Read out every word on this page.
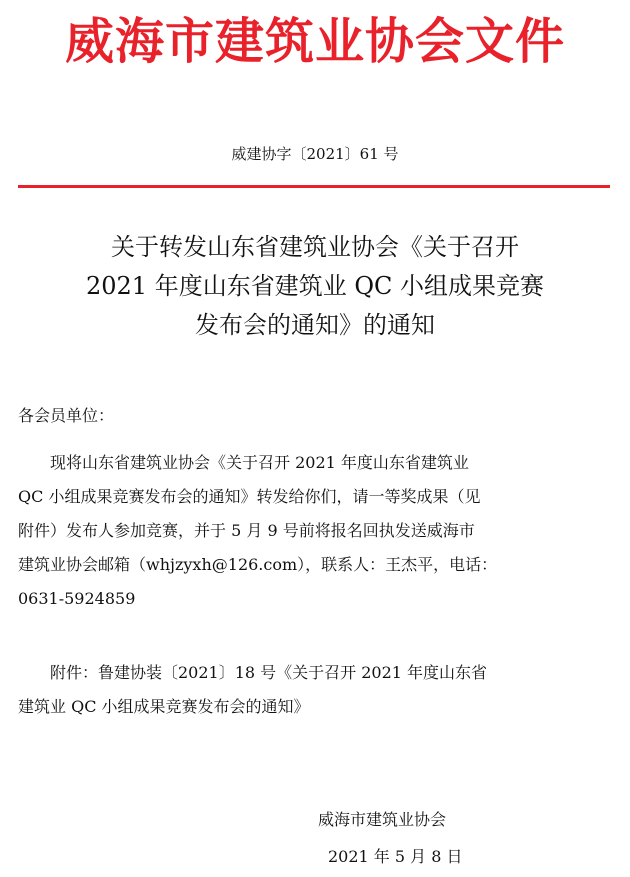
威海市建筑业协会文件
威建协字〔2021〕61 号
关于转发山东省建筑业协会《关于召开
2021 年度山东省建筑业 QC 小组成果竞赛
发布会的通知》的通知
各会员单位：
现将山东省建筑业协会《关于召开 2021 年度山东省建筑业
QC 小组成果竞赛发布会的通知》转发给你们，请一等奖成果（见
附件）发布人参加竞赛，并于 5 月 9 号前将报名回执发送威海市
建筑业协会邮箱（whjzyxh@126.com），联系人：王杰平，电话：
0631-5924859
附件：鲁建协装〔2021〕18 号《关于召开 2021 年度山东省
建筑业 QC 小组成果竞赛发布会的通知》
威海市建筑业协会
2021 年 5 月 8 日
